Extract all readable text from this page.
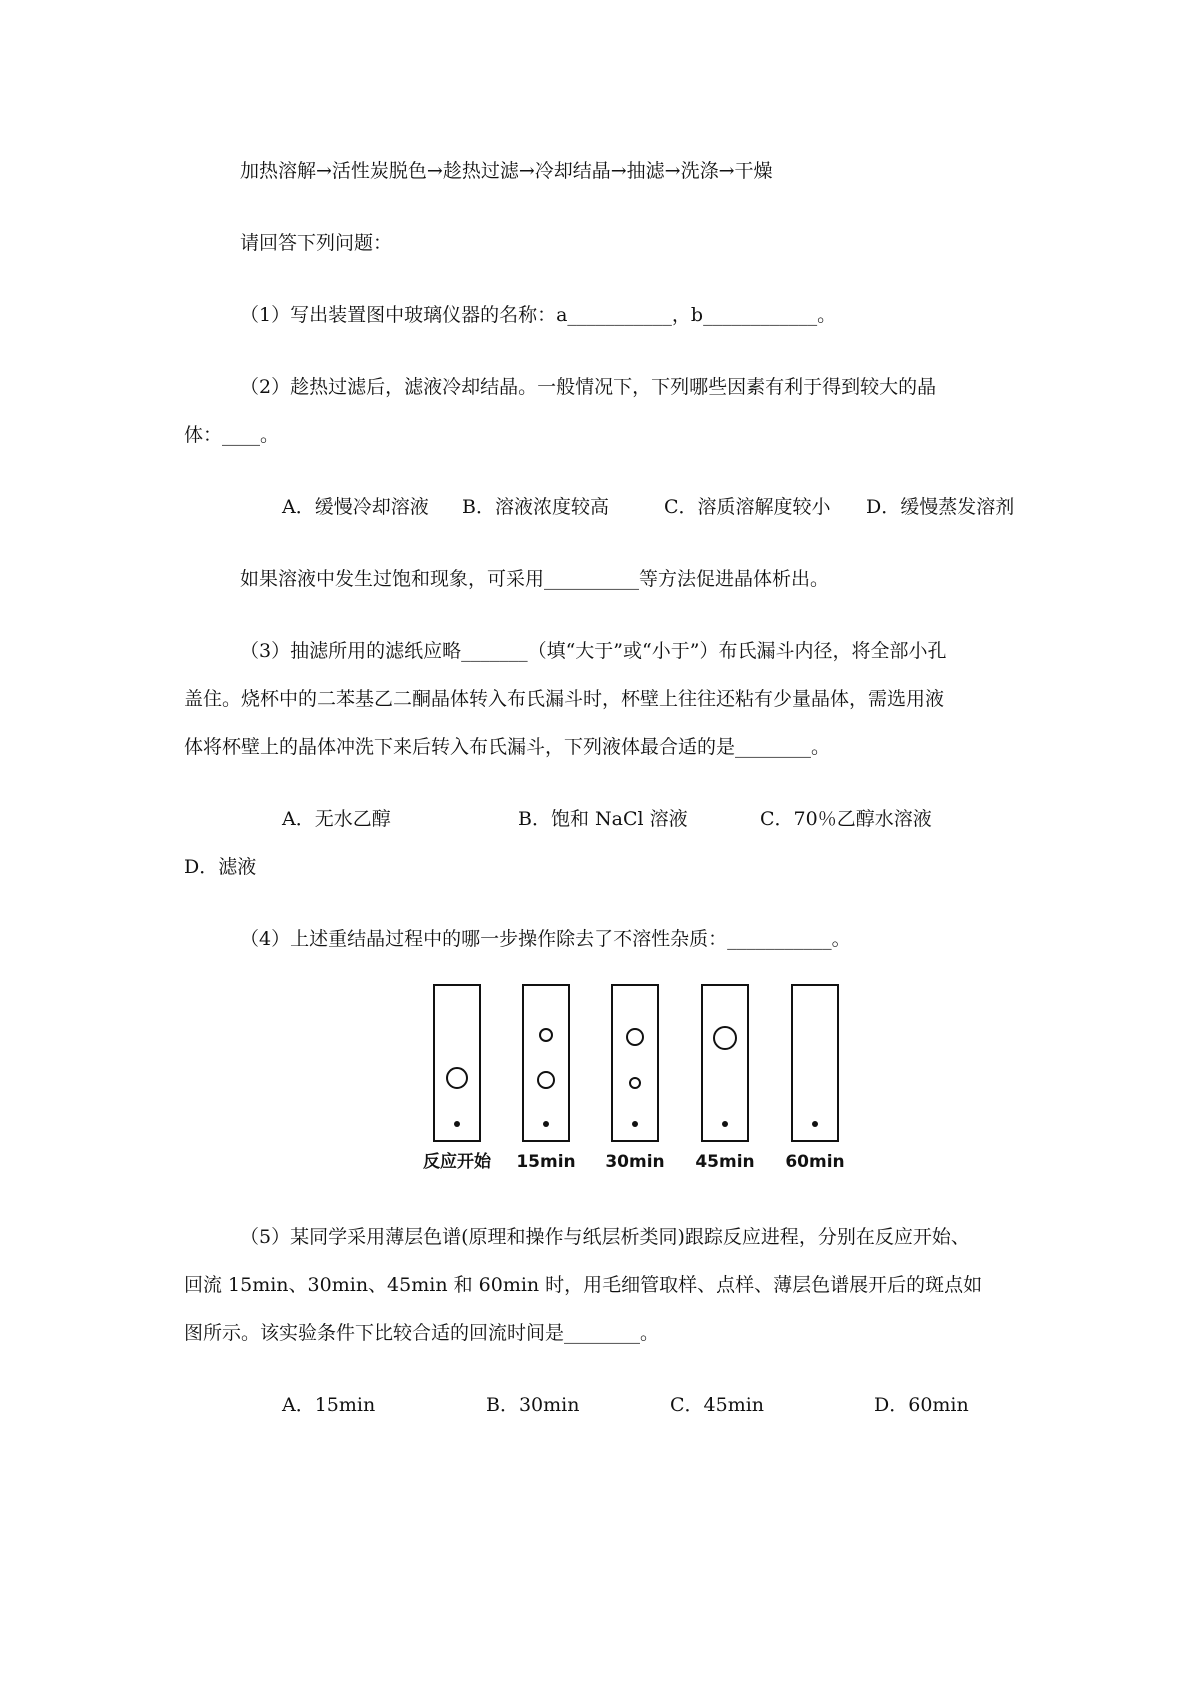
加热溶解→活性炭脱色→趁热过滤→冷却结晶→抽滤→洗涤→干燥
请回答下列问题：
（1）写出装置图中玻璃仪器的名称：a___________，b____________。
（2）趁热过滤后，滤液冷却结晶。一般情况下，下列哪些因素有利于得到较大的晶
体：____。
A．缓慢冷却溶液 B．溶液浓度较高	C．溶质溶解度较小 D．缓慢蒸发溶剂
如果溶液中发生过饱和现象，可采用__________等方法促进晶体析出。
（3）抽滤所用的滤纸应略_______（填“大于”或“小于”）布氏漏斗内径，将全部小孔
盖住。烧杯中的二苯基乙二酮晶体转入布氏漏斗时，杯壁上往往还粘有少量晶体，需选用液
体将杯壁上的晶体冲洗下来后转入布氏漏斗，下列液体最合适的是________。
A．无水乙醇	B．饱和 NaCl 溶液	C．70％乙醇水溶液
D．滤液
（4）上述重结晶过程中的哪一步操作除去了不溶性杂质：___________。
反应开始 15min 30min 45min 60min
（5）某同学采用薄层色谱(原理和操作与纸层析类同)跟踪反应进程，分别在反应开始、
回流 15min、30min、45min 和 60min 时，用毛细管取样、点样、薄层色谱展开后的斑点如
图所示。该实验条件下比较合适的回流时间是________。
A．15min	B．30min	C．45min	D．60min
